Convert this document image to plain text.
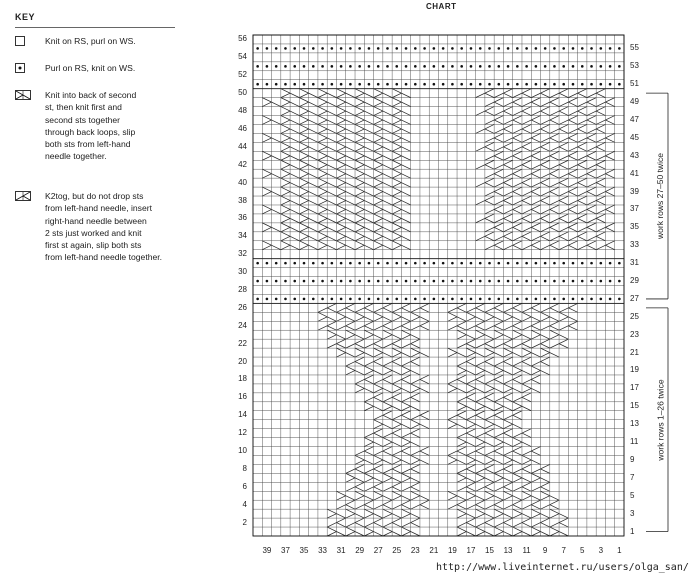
KEY
Knit on RS, purl on WS.
Purl on RS, knit on WS.
Knit into back of second
st, then knit first and
second sts together
through back loops, slip
both sts from left-hand
needle together.
K2tog, but do not drop sts
from left-hand needle, insert
right-hand needle between
2 sts just worked and knit
first st again, slip both sts
from left-hand needle together.
CHART
56
54
52
50
48
46
44
42
40
38
36
34
32
30
28
26
24
22
20
18
16
14
12
10
8
6
4
2
55
53
51
49
47
45
43
41
39
37
35
33
31
29
27
25
23
21
19
17
15
13
11
9
7
5
3
1
39	37	35	33	31	29	27	25	23	21	19	17	15	13	11	9	7	5	3	1
work rows 27–50 twice
work rows 1–26 twice
http://www.liveinternet.ru/users/olga_san/
